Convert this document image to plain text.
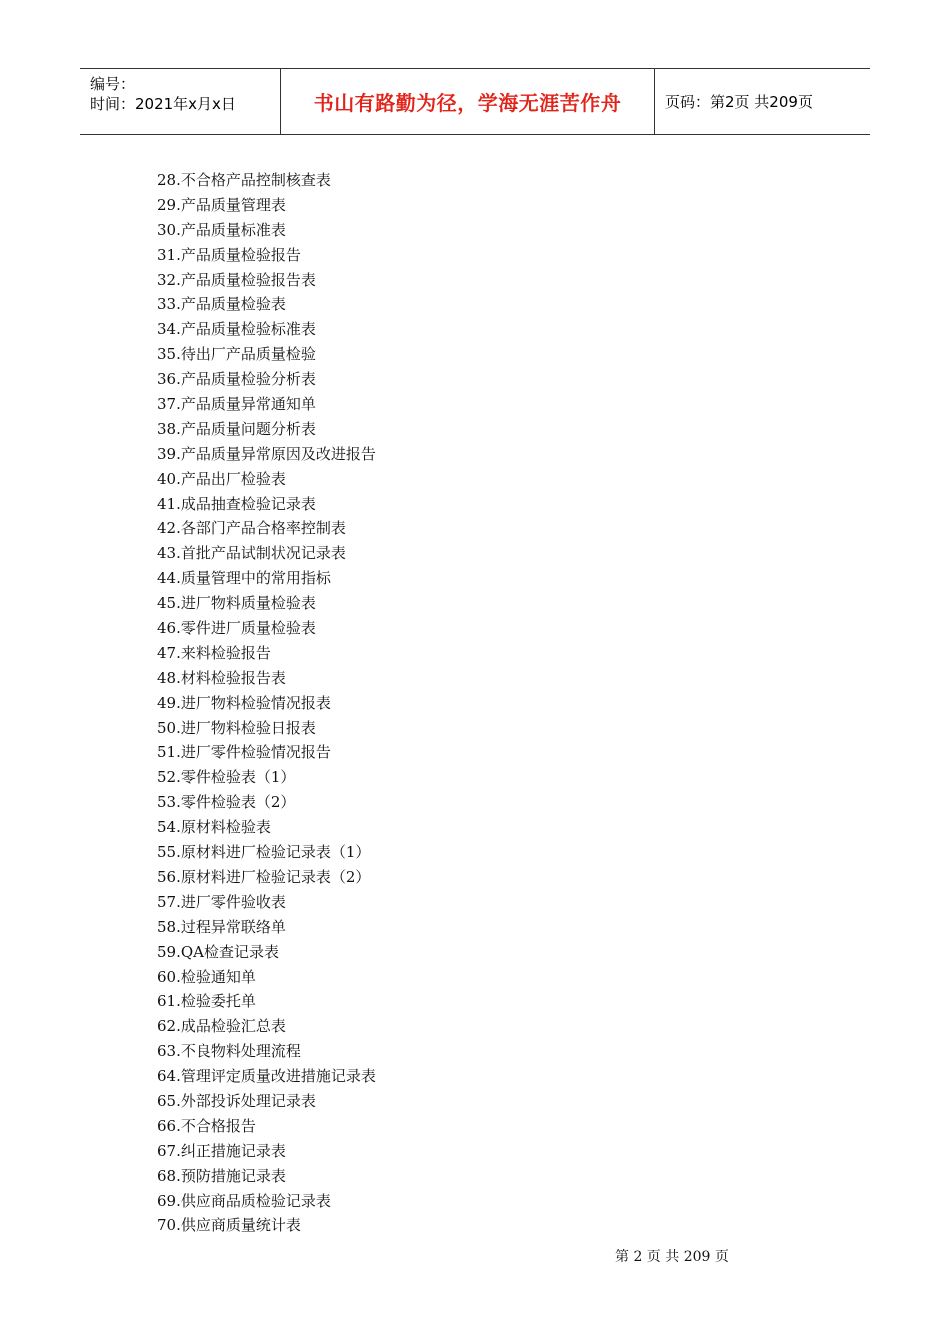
编号：
时间：2021年x月x日	书山有路勤为径，学海无涯苦作舟	页码：第2页 共209页
28.不合格产品控制核查表
29.产品质量管理表
30.产品质量标准表
31.产品质量检验报告
32.产品质量检验报告表
33.产品质量检验表
34.产品质量检验标准表
35.待出厂产品质量检验
36.产品质量检验分析表
37.产品质量异常通知单
38.产品质量问题分析表
39.产品质量异常原因及改进报告
40.产品出厂检验表
41.成品抽查检验记录表
42.各部门产品合格率控制表
43.首批产品试制状况记录表
44.质量管理中的常用指标
45.进厂物料质量检验表
46.零件进厂质量检验表
47.来料检验报告
48.材料检验报告表
49.进厂物料检验情况报表
50.进厂物料检验日报表
51.进厂零件检验情况报告
52.零件检验表（1）
53.零件检验表（2）
54.原材料检验表
55.原材料进厂检验记录表（1）
56.原材料进厂检验记录表（2）
57.进厂零件验收表
58.过程异常联络单
59.QA检查记录表
60.检验通知单
61.检验委托单
62.成品检验汇总表
63.不良物料处理流程
64.管理评定质量改进措施记录表
65.外部投诉处理记录表
66.不合格报告
67.纠正措施记录表
68.预防措施记录表
69.供应商品质检验记录表
70.供应商质量统计表
第 2 页 共 209 页
